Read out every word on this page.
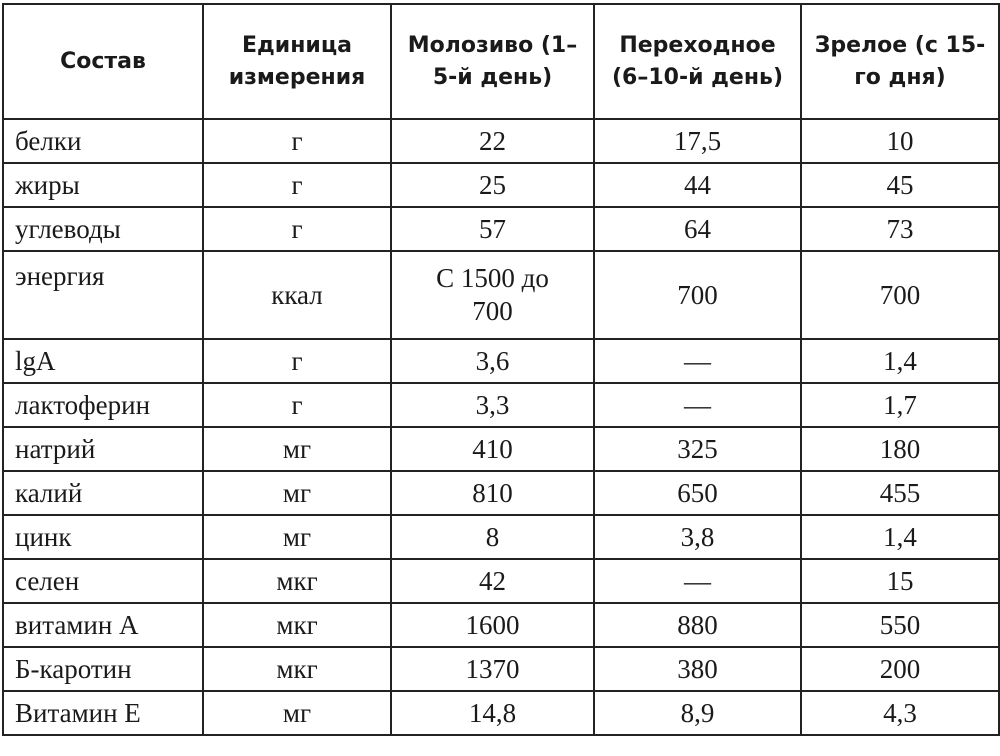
Состав	Единица измерения	Молозиво (1–5-й день)	Переходное (6–10-й день)	Зрелое (с 15-го дня)
белки	г	22	17,5	10
жиры	г	25	44	45
углеводы	г	57	64	73
энергия	ккал	С 1500 до 700	700	700
lgA	г	3,6	—	1,4
лактоферин	г	3,3	—	1,7
натрий	мг	410	325	180
калий	мг	810	650	455
цинк	мг	8	3,8	1,4
селен	мкг	42	—	15
витамин А	мкг	1600	880	550
Б-каротин	мкг	1370	380	200
Витамин Е	мг	14,8	8,9	4,3
